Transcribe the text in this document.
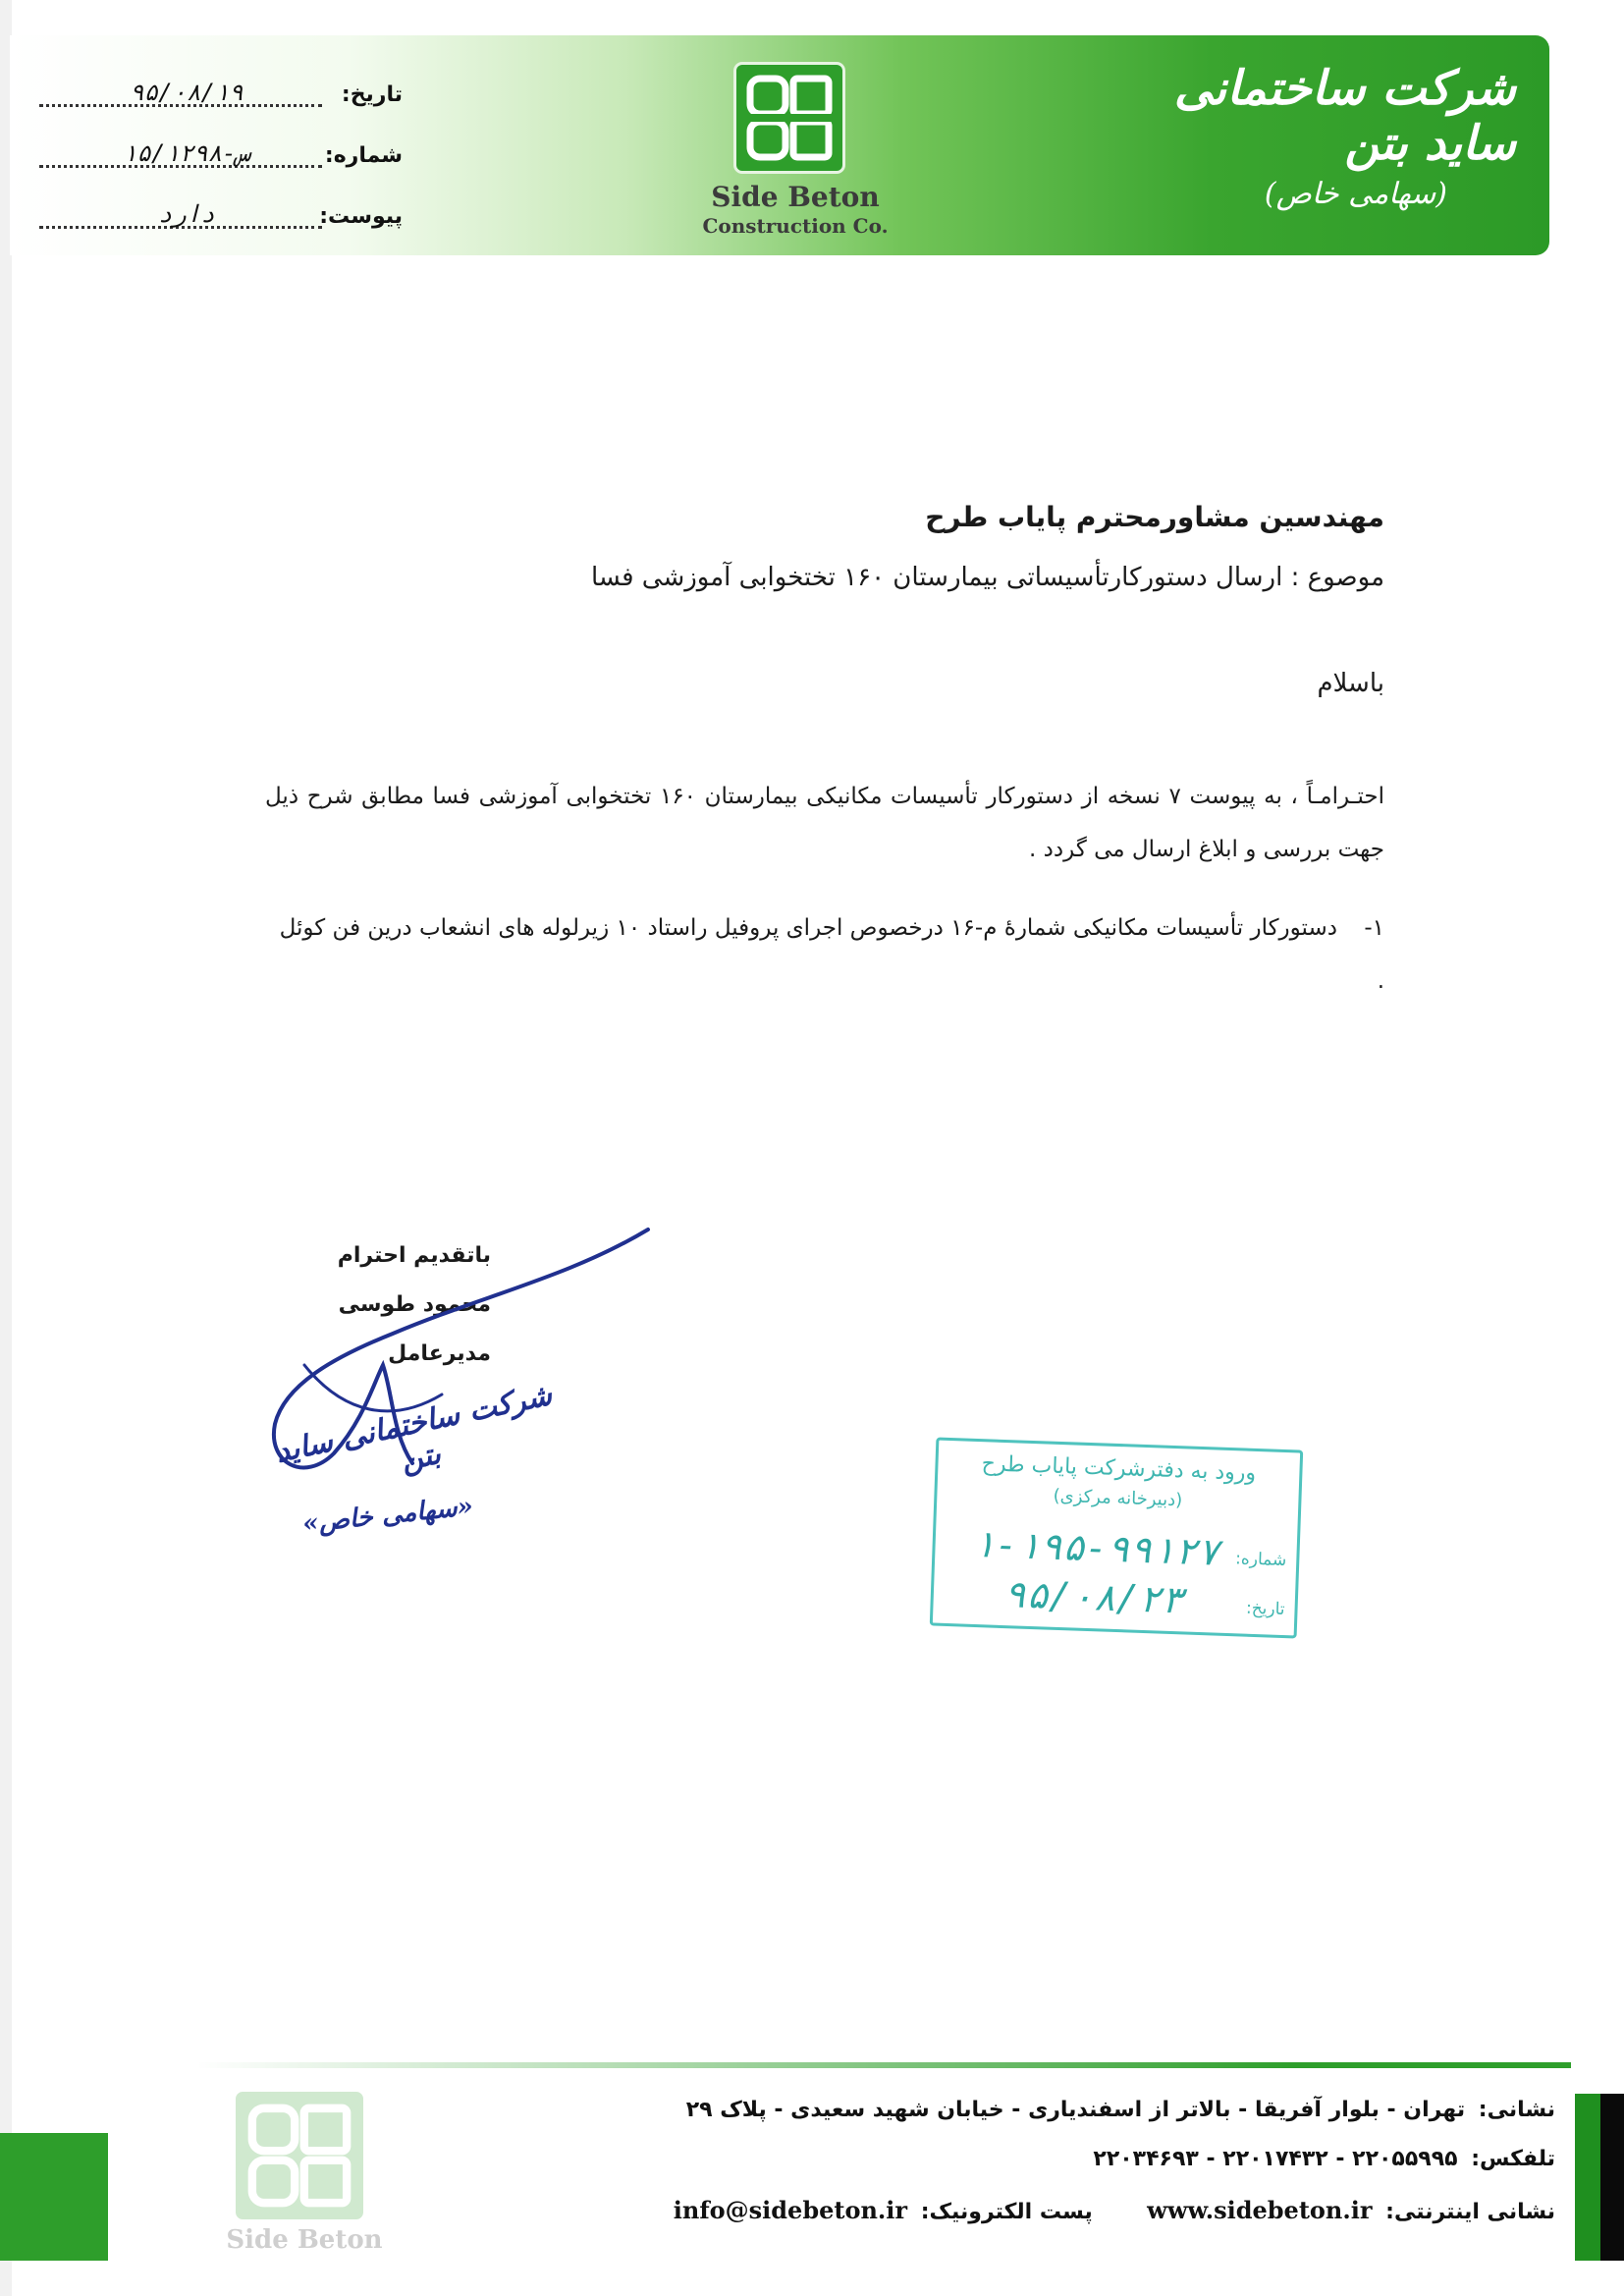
شرکت ساختمانی ساید بتن
(سهامی خاص)
Side Beton
Construction Co.
تاریخ:
۹۵/۰۸/۱۹
شماره:
۱۵/۱۲۹۸-س
پیوست:
دارد
مهندسین مشاورمحترم پایاب طرح
موصوع : ارسال دستورکارتأسیساتی بیمارستان ۱۶۰ تختخوابی آموزشی فسا
باسلام
احتـرامـاً ، به پیوست ۷ نسخه از دستورکار تأسیسات مکانیکی بیمارستان ۱۶۰ تختخوابی آموزشی فسا مطابق شرح ذیل جهت بررسی و ابلاغ ارسال می گردد .
۱-دستورکار تأسیسات مکانیکی شمارۀ م-۱۶ درخصوص اجرای پروفیل راستاد ۱۰ زیرلوله های انشعاب درین فن کوئل .
باتقدیم احترام
محمود طوسی
مدیرعامل
شرکت ساختمانی ساید بتن
«سهامی خاص»
ورود به دفترشرکت پایاب طرح
(دبیرخانه مرکزی)
شماره:
۱-۱۹۵-۹۹۱۲۷
تاریخ:
۹۵/۰۸/۲۳
Side Beton
نشانی: تهران - بلوار آفریقا - بالاتر از اسفندیاری - خیابان شهید سعیدی - پلاک ۲۹
تلفکس: ۲۲۰۵۵۹۹۵ - ۲۲۰۱۷۴۳۲ - ۲۲۰۳۴۶۹۳
نشانی اینترنتی: www.sidebeton.ir  پست الکترونیک: info@sidebeton.ir
